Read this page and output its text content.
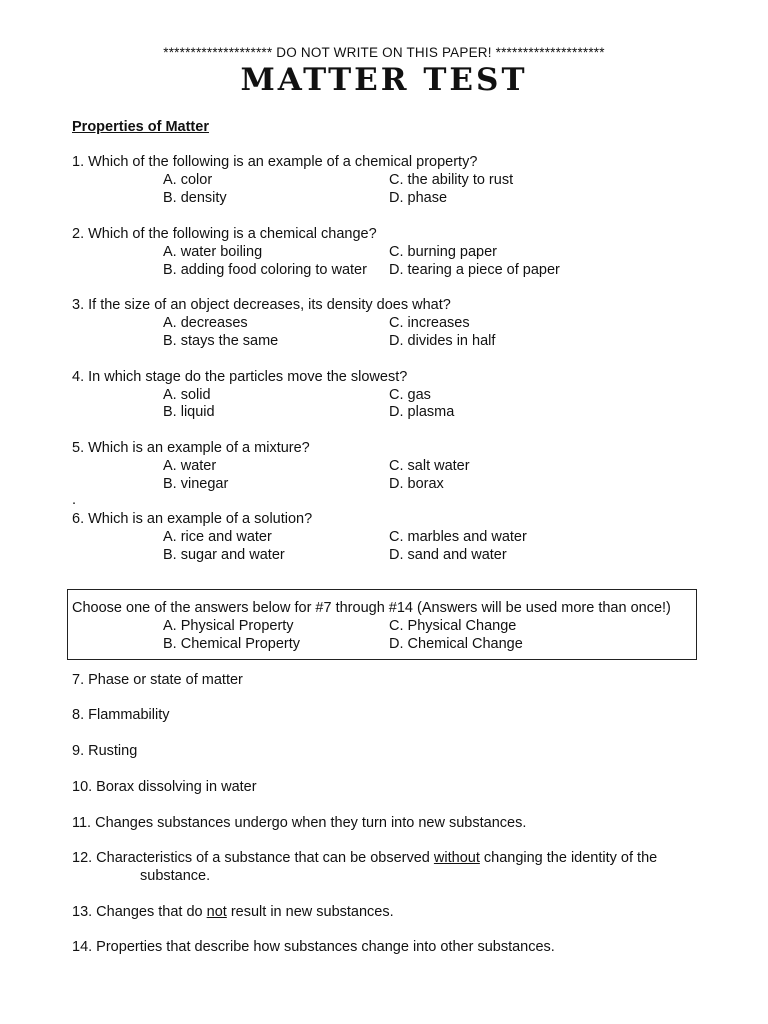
******************** DO NOT WRITE ON THIS PAPER! ********************
MATTER TEST
Properties of Matter
1. Which of the following is an example of a chemical property?
A. color	C. the ability to rust
B. density	D. phase
2. Which of the following is a chemical change?
A. water boiling	C. burning paper
B. adding food coloring to water D. tearing a piece of paper
3. If the size of an object decreases, its density does what?
A. decreases	C. increases
B. stays the same	D. divides in half
4. In which stage do the particles move the slowest?
A. solid	C. gas
B. liquid	D. plasma
5. Which is an example of a mixture?
A. water	C. salt water
B. vinegar	D. borax
.
6. Which is an example of a solution?
A. rice and water	C. marbles and water
B. sugar and water	D. sand and water
Choose one of the answers below for #7 through #14 (Answers will be used more than once!)
A. Physical Property	C. Physical Change
B. Chemical Property	D. Chemical Change
7. Phase or state of matter
8. Flammability
9. Rusting
10. Borax dissolving in water
11. Changes substances undergo when they turn into new substances.
12. Characteristics of a substance that can be observed without changing the identity of the
substance.
13. Changes that do not result in new substances.
14. Properties that describe how substances change into other substances.
